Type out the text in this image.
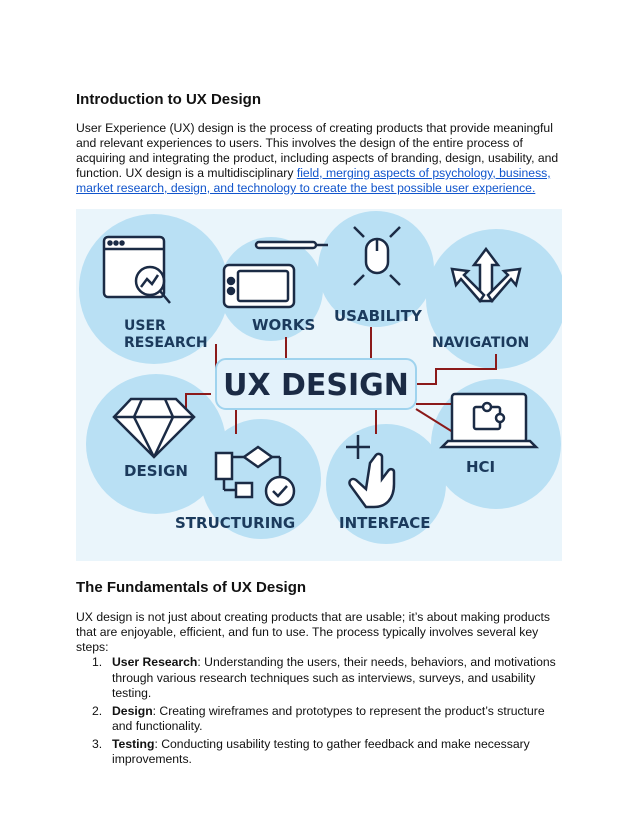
Introduction to UX Design

User Experience (UX) design is the process of creating products that provide meaningful and relevant experiences to users. This involves the design of the entire process of acquiring and integrating the product, including aspects of branding, design, usability, and function. UX design is a multidisciplinary field, merging aspects of psychology, business, market research, design, and technology to create the best possible user experience.

UX DESIGN
USER
RESEARCH
WORKS USABILITY
NAVIGATION
DESIGN	HCI
STRUCTURING	INTERFACE
The Fundamentals of UX Design

UX design is not just about creating products that are usable; it’s about making products that are enjoyable, efficient, and fun to use. The process typically involves several key steps:

1. User Research: Understanding the users, their needs, behaviors, and motivations through various research techniques such as interviews, surveys, and usability testing.
2. Design: Creating wireframes and prototypes to represent the product’s structure and functionality.
3. Testing: Conducting usability testing to gather feedback and make necessary improvements.
